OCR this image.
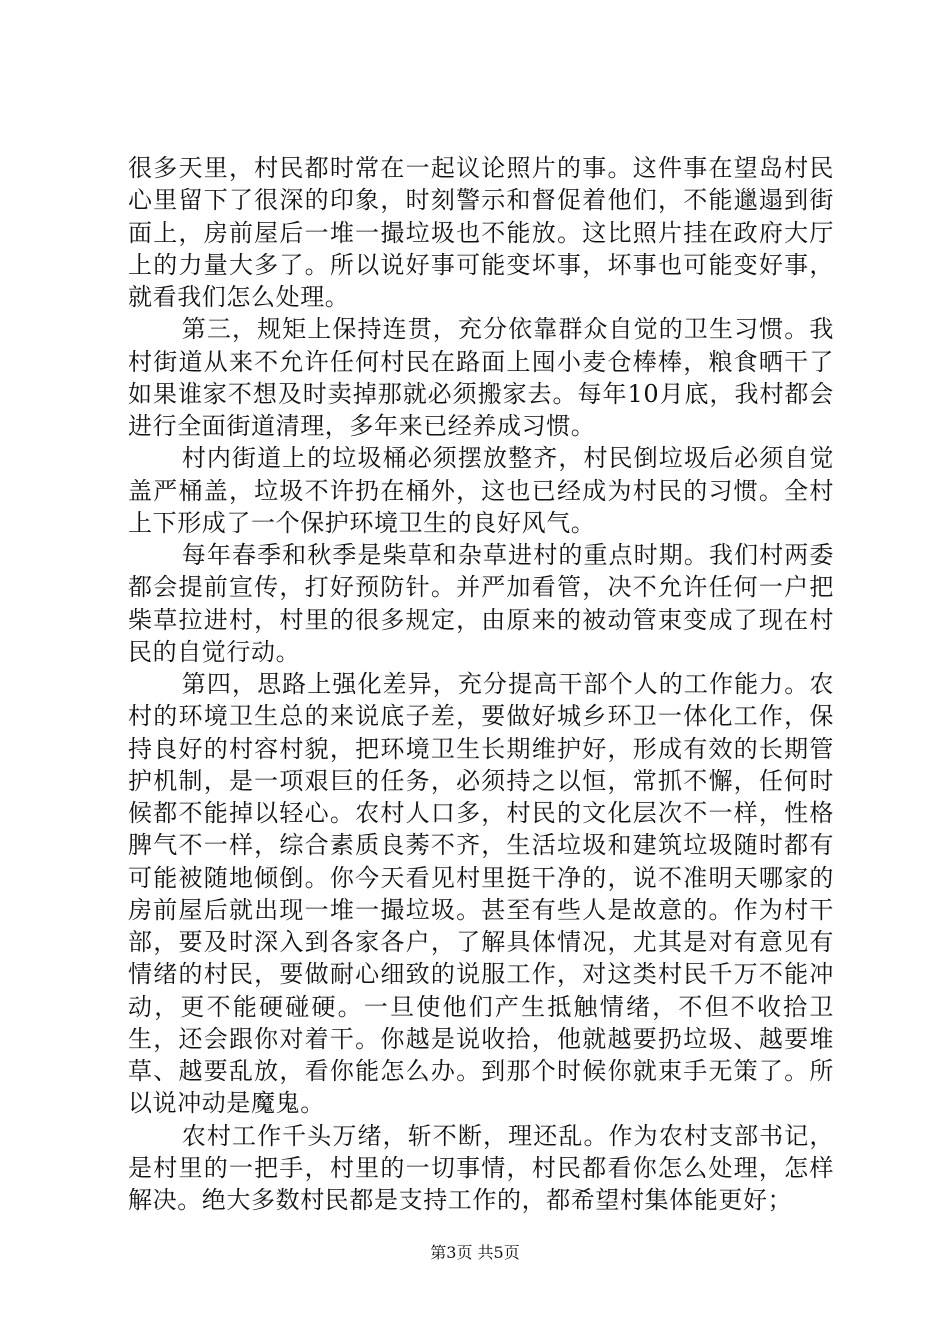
很多天里，村民都时常在一起议论照片的事。这件事在望岛村民心里留下了很深的印象，时刻警示和督促着他们，不能邋遢到街面上，房前屋后一堆一撮垃圾也不能放。这比照片挂在政府大厅上的力量大多了。所以说好事可能变坏事，坏事也可能变好事，就看我们怎么处理。

第三，规矩上保持连贯，充分依靠群众自觉的卫生习惯。我村街道从来不允许任何村民在路面上囤小麦仓棒棒，粮食晒干了如果谁家不想及时卖掉那就必须搬家去。每年10月底，我村都会进行全面街道清理，多年来已经养成习惯。

村内街道上的垃圾桶必须摆放整齐，村民倒垃圾后必须自觉盖严桶盖，垃圾不许扔在桶外，这也已经成为村民的习惯。全村上下形成了一个保护环境卫生的良好风气。

每年春季和秋季是柴草和杂草进村的重点时期。我们村两委都会提前宣传，打好预防针。并严加看管，决不允许任何一户把柴草拉进村，村里的很多规定，由原来的被动管束变成了现在村民的自觉行动。

第四，思路上强化差异，充分提高干部个人的工作能力。农村的环境卫生总的来说底子差，要做好城乡环卫一体化工作，保持良好的村容村貌，把环境卫生长期维护好，形成有效的长期管护机制，是一项艰巨的任务，必须持之以恒，常抓不懈，任何时候都不能掉以轻心。农村人口多，村民的文化层次不一样，性格脾气不一样，综合素质良莠不齐，生活垃圾和建筑垃圾随时都有可能被随地倾倒。你今天看见村里挺干净的，说不准明天哪家的房前屋后就出现一堆一撮垃圾。甚至有些人是故意的。作为村干部，要及时深入到各家各户，了解具体情况，尤其是对有意见有情绪的村民，要做耐心细致的说服工作，对这类村民千万不能冲动，更不能硬碰硬。一旦使他们产生抵触情绪，不但不收拾卫生，还会跟你对着干。你越是说收拾，他就越要扔垃圾、越要堆草、越要乱放，看你能怎么办。到那个时候你就束手无策了。所以说冲动是魔鬼。

农村工作千头万绪，斩不断，理还乱。作为农村支部书记，是村里的一把手，村里的一切事情，村民都看你怎么处理，怎样解决。绝大多数村民都是支持工作的，都希望村集体能更好；

第3页 共5页
